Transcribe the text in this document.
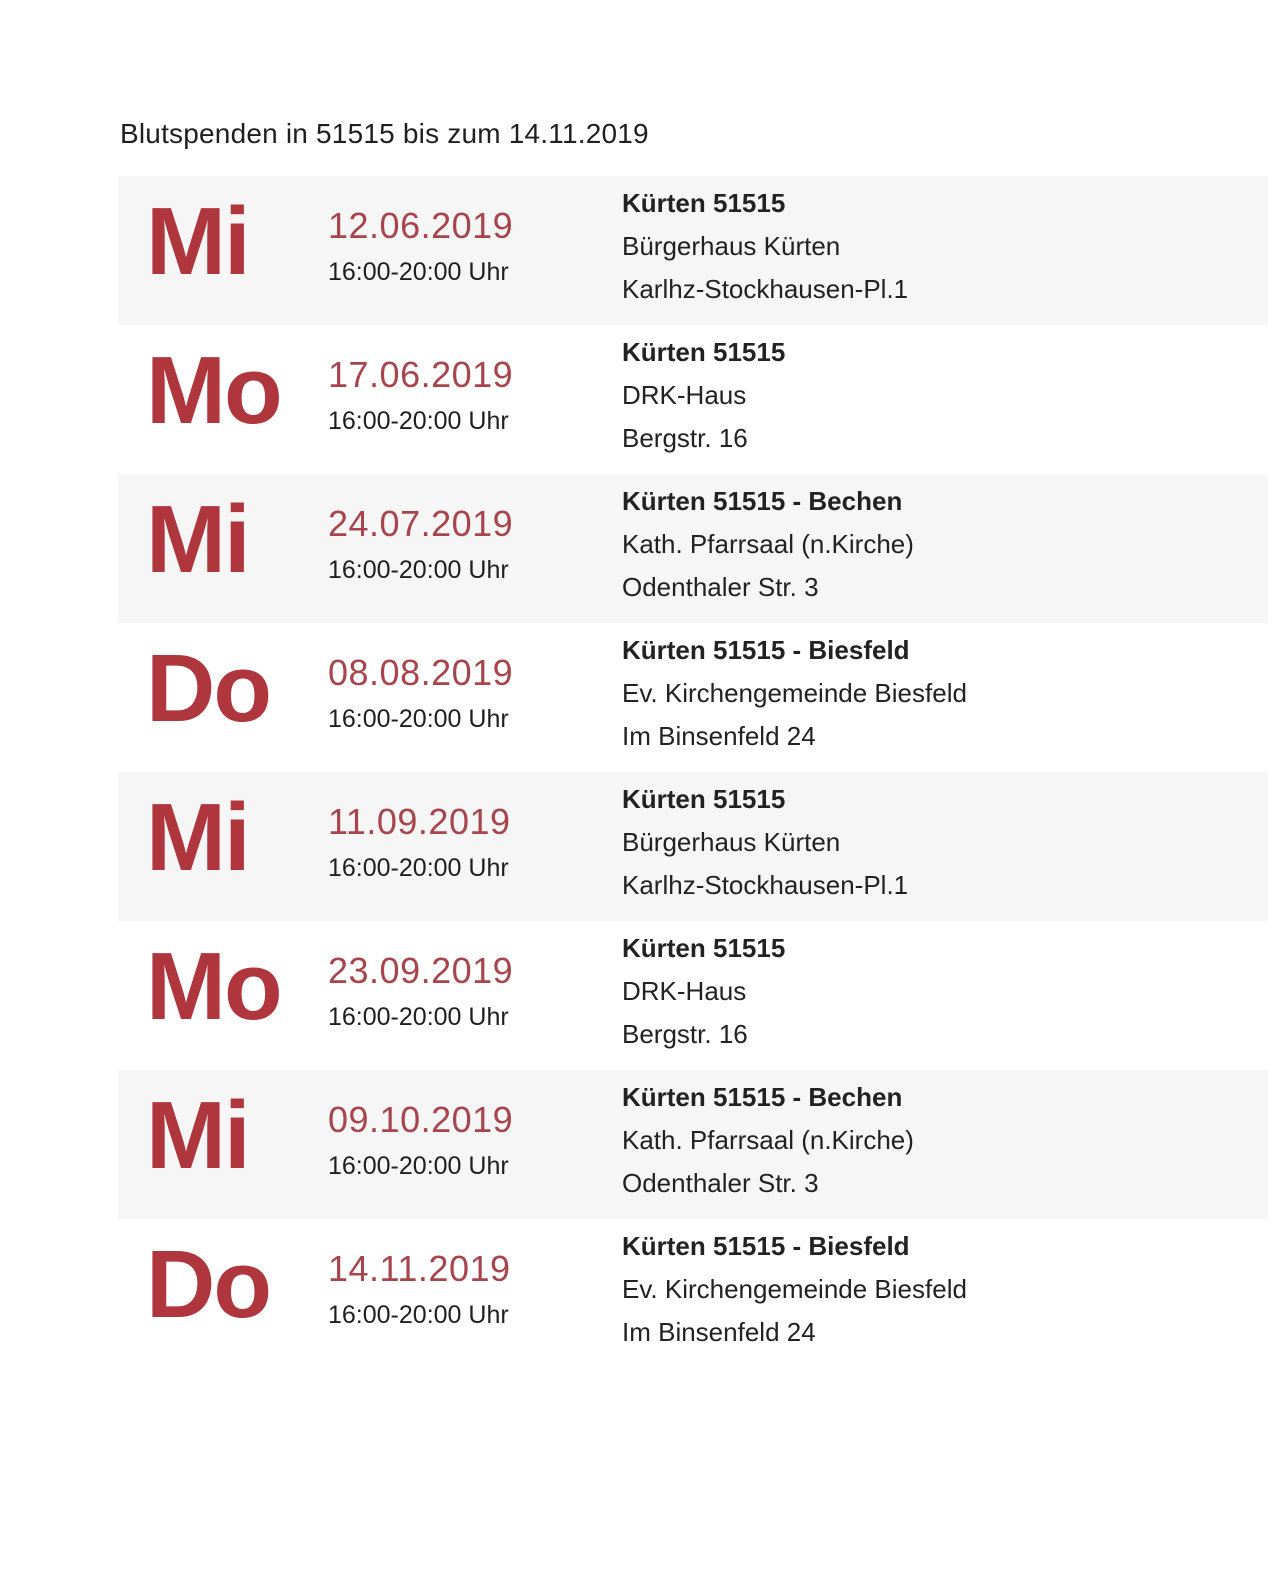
Blutspenden in 51515 bis zum 14.11.2019
Mi 12.06.2019
16:00-20:00 Uhr
Kürten 51515
Bürgerhaus Kürten
Karlhz-Stockhausen-Pl.1
Mo 17.06.2019
16:00-20:00 Uhr
Kürten 51515
DRK-Haus
Bergstr. 16
Mi 24.07.2019
16:00-20:00 Uhr
Kürten 51515 - Bechen
Kath. Pfarrsaal (n.Kirche)
Odenthaler Str. 3
Do 08.08.2019
16:00-20:00 Uhr
Kürten 51515 - Biesfeld
Ev. Kirchengemeinde Biesfeld
Im Binsenfeld 24
Mi 11.09.2019
16:00-20:00 Uhr
Kürten 51515
Bürgerhaus Kürten
Karlhz-Stockhausen-Pl.1
Mo 23.09.2019
16:00-20:00 Uhr
Kürten 51515
DRK-Haus
Bergstr. 16
Mi 09.10.2019
16:00-20:00 Uhr
Kürten 51515 - Bechen
Kath. Pfarrsaal (n.Kirche)
Odenthaler Str. 3
Do 14.11.2019
16:00-20:00 Uhr
Kürten 51515 - Biesfeld
Ev. Kirchengemeinde Biesfeld
Im Binsenfeld 24
